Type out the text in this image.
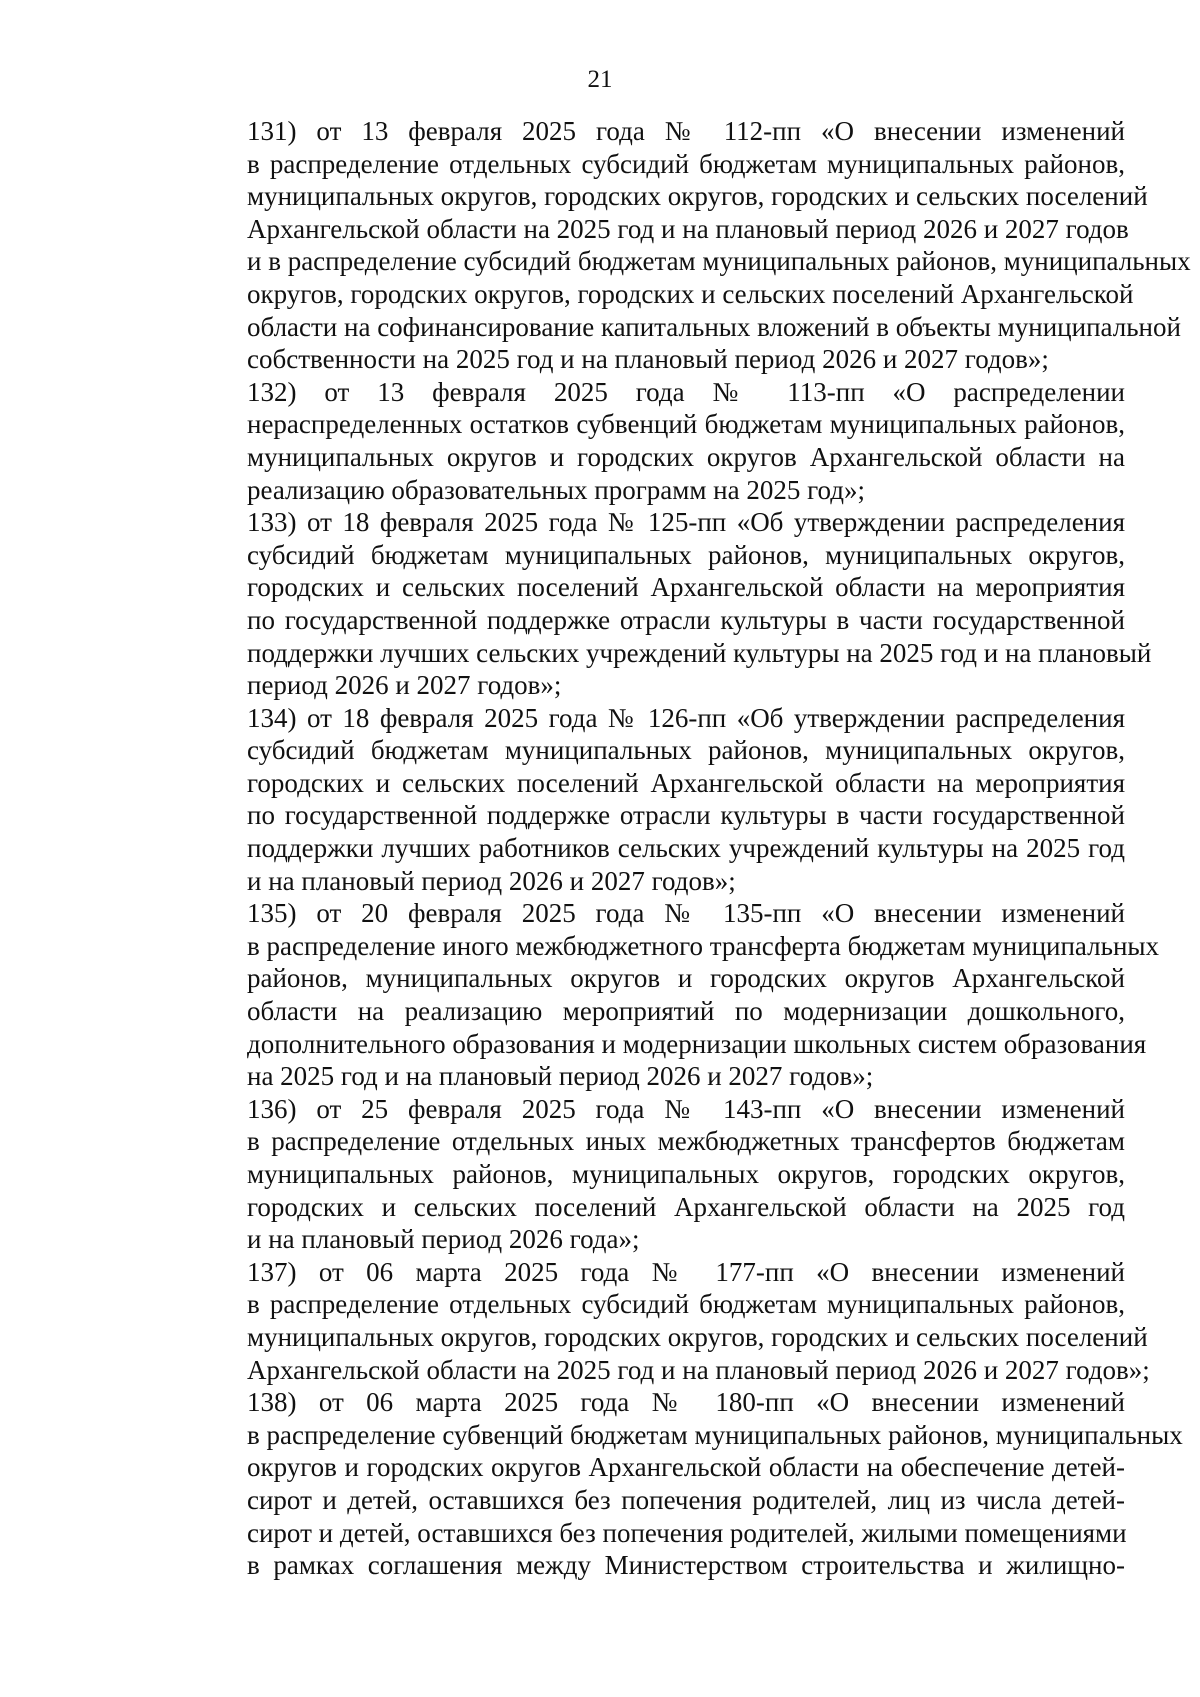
21
131) от 13 февраля 2025 года № 112-пп «О внесении изменений
в распределение отдельных субсидий бюджетам муниципальных районов,
муниципальных округов, городских округов, городских и сельских поселений
Архангельской области на 2025 год и на плановый период 2026 и 2027 годов
и в распределение субсидий бюджетам муниципальных районов, муниципальных
округов, городских округов, городских и сельских поселений Архангельской
области на софинансирование капитальных вложений в объекты муниципальной
собственности на 2025 год и на плановый период 2026 и 2027 годов»;
132) от 13 февраля 2025 года № 113-пп «О распределении
нераспределенных остатков субвенций бюджетам муниципальных районов,
муниципальных округов и городских округов Архангельской области на
реализацию образовательных программ на 2025 год»;
133) от 18 февраля 2025 года № 125-пп «Об утверждении распределения
субсидий бюджетам муниципальных районов, муниципальных округов,
городских и сельских поселений Архангельской области на мероприятия
по государственной поддержке отрасли культуры в части государственной
поддержки лучших сельских учреждений культуры на 2025 год и на плановый
период 2026 и 2027 годов»;
134) от 18 февраля 2025 года № 126-пп «Об утверждении распределения
субсидий бюджетам муниципальных районов, муниципальных округов,
городских и сельских поселений Архангельской области на мероприятия
по государственной поддержке отрасли культуры в части государственной
поддержки лучших работников сельских учреждений культуры на 2025 год
и на плановый период 2026 и 2027 годов»;
135) от 20 февраля 2025 года № 135-пп «О внесении изменений
в распределение иного межбюджетного трансферта бюджетам муниципальных
районов, муниципальных округов и городских округов Архангельской
области на реализацию мероприятий по модернизации дошкольного,
дополнительного образования и модернизации школьных систем образования
на 2025 год и на плановый период 2026 и 2027 годов»;
136) от 25 февраля 2025 года № 143-пп «О внесении изменений
в распределение отдельных иных межбюджетных трансфертов бюджетам
муниципальных районов, муниципальных округов, городских округов,
городских и сельских поселений Архангельской области на 2025 год
и на плановый период 2026 года»;
137) от 06 марта 2025 года № 177-пп «О внесении изменений
в распределение отдельных субсидий бюджетам муниципальных районов,
муниципальных округов, городских округов, городских и сельских поселений
Архангельской области на 2025 год и на плановый период 2026 и 2027 годов»;
138) от 06 марта 2025 года № 180-пп «О внесении изменений
в распределение субвенций бюджетам муниципальных районов, муниципальных
округов и городских округов Архангельской области на обеспечение детей-
сирот и детей, оставшихся без попечения родителей, лиц из числа детей-
сирот и детей, оставшихся без попечения родителей, жилыми помещениями
в рамках соглашения между Министерством строительства и жилищно-
